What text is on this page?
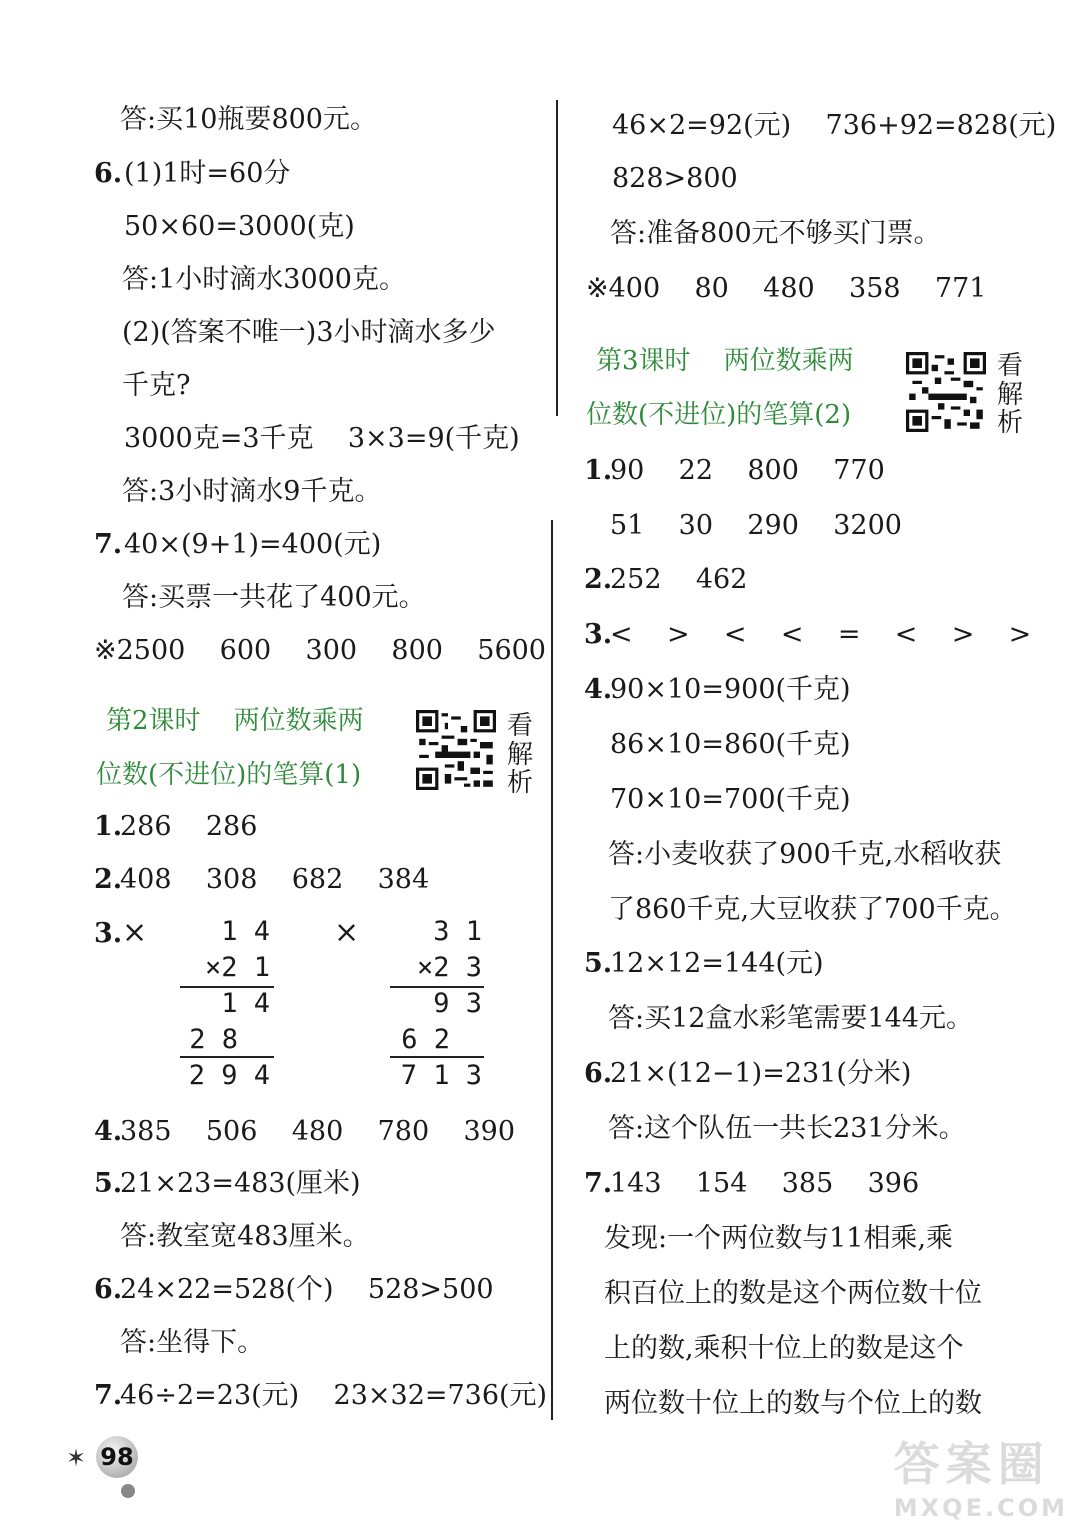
答:买10瓶要800元。
6. (1)1时=60分
50×60=3000(克)
答:1小时滴水3000克。
(2)(答案不唯一)3小时滴水多少
千克?
3000克=3千克    3×3=9(千克)
答:3小时滴水9千克。
7. 40×(9+1)=400(元)
答:买票一共花了400元。
※2500    600    300    800    5600
第2课时    两位数乘两
位数(不进位)的笔算(1)
看解析
1.
286    286
2.
408    308    682    384
3. ×	×
1 4
×2 1
1 4
2 8
2 9 4
3 1
×2 3
9 3
6 2
7 1 3
4.
385    506    480    780    390
5.
21×23=483(厘米)
答:教室宽483厘米。
6.
24×22=528(个)    528>500
答:坐得下。
7.
46÷2=23(元)    23×32=736(元)
46×2=92(元)    736+92=828(元)
828>800
答:准备800元不够买门票。
※400    80    480    358    771
第3课时    两位数乘两
位数(不进位)的笔算(2)
看解析
1.
90    22    800    770
51    30    290    3200
2.
252    462
3.
<    >    <    <    =    <    >    >
4.
90×10=900(千克)
86×10=860(千克)
70×10=700(千克)
答:小麦收获了900千克,水稻收获
了860千克,大豆收获了700千克。
5.
12×12=144(元)
答:买12盒水彩笔需要144元。
6.
21×(12−1)=231(分米)
答:这个队伍一共长231分米。
7.
143    154    385    396
发现:一个两位数与11相乘,乘
积百位上的数是这个两位数十位
上的数,乘积十位上的数是这个
两位数十位上的数与个位上的数
✶ 98	答案圈
MXQE.COM
